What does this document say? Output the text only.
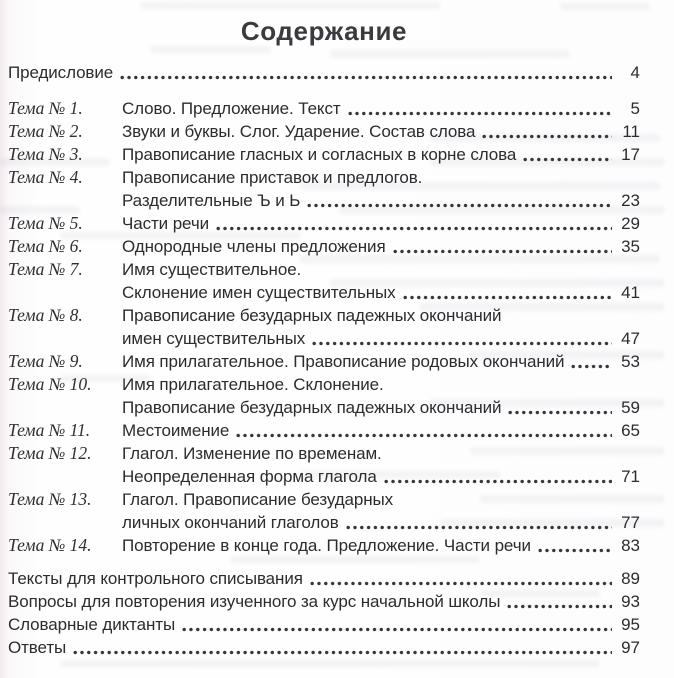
Содержание
Предисловие	4
Тема № 1.	Слово. Предложение. Текст	5
Тема № 2.	Звуки и буквы. Слог. Ударение. Состав слова	11
Тема № 3.	Правописание гласных и согласных в корне слова	17
Тема № 4.	Правописание приставок и предлогов.
Разделительные Ъ и Ь	23
Тема № 5.	Части речи	29
Тема № 6.	Однородные члены предложения	35
Тема № 7.	Имя существительное.
Склонение имен существительных	41
Тема № 8.	Правописание безударных падежных окончаний
имен существительных	47
Тема № 9.	Имя прилагательное. Правописание родовых окончаний	53
Тема № 10.	Имя прилагательное. Склонение.
Правописание безударных падежных окончаний	59
Тема № 11.	Местоимение	65
Тема № 12.	Глагол. Изменение по временам.
Неопределенная форма глагола	71
Тема № 13.	Глагол. Правописание безударных
личных окончаний глаголов	77
Тема № 14.	Повторение в конце года. Предложение. Части речи	83
Тексты для контрольного списывания	89
Вопросы для повторения изученного за курс начальной школы	93
Словарные диктанты	95
Ответы	97
